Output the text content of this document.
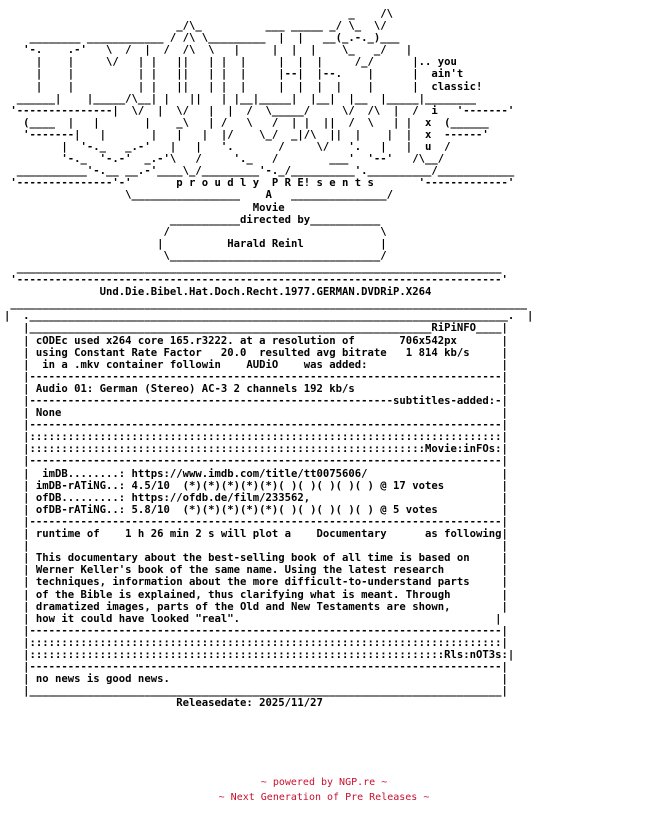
_    /\
_/\_          ___ _____ _/ \_  \/
________ ____________ / /\ \_________  |  |   __(_.-._)___
'-.    .-'   \  /  |  /  /\  \   |     |  |  |    \_   _/   |
|    |     \/   | |   ||   | |  |     |  |  |     /_/      |.. you
|    |          | |   ||   | |  |     |--|  |--.    |      |  ain't
|    |          | |   ||   | |  |     |  |  |  |    |      |  classic!
______|    |_____/\__| |   ||   | |__|_____|  |__|  |__  |_____|________
'---------------|  \/  |  \/   |  |  /  \_____/     \/  /\  |  /  i   '-------'
(____  |   |       |    _\   | /   \   /  | |  ||  /  \   | |  x  (______
'-------|   |       |   |   |  |/    \_/  _|/\  ||  |    |  |  x  ------'
|  '-._   _.-'   |   |   '.       /     \/   '.   |   |  u  /
'-._  '-.-'  _.-'\   /     '._   /        ___'  '--'   /\__/
___________'-.__ __.-'____\_/_________'-._/__________'.__________/____________
'---------------'-'       p r o u d l y  P R E! s e n t s       '-------------'
\_________________    A   _______________/
Movie
___________directed by___________
/                                 \
|          Harald Reinl            |
\_________________________________/
____________________________________________________________________________
'----------------------------------------------------------------------------'
Und.Die.Bibel.Hat.Doch.Recht.1977.GERMAN.DVDRiP.X264
_________________________________________________________________________________
|  .___________________________________________________________________________.  |
|_______________________________________________________________RiPiNFO____|
| cODEc used x264 core 165.r3222. at a resolution of       706x542px       |
| using Constant Rate Factor   20.0  resulted avg bitrate   1 814 kb/s     |
|  in a .mkv container followin    AUDiO    was added:                     |
|--------------------------------------------------------------------------|
| Audio 01: German (Stereo) AC-3 2 channels 192 kb/s                       |
|---------------------------------------------------------subtitles-added:-|
| None                                                                     |
|--------------------------------------------------------------------------|
|::::::::::::::::::::::::::::::::::::::::::::::::::::::::::::::::::::::::::|
|::::::::::::::::::::::::::::::::::::::::::::::::::::::::::::::Movie:inFOs:|
|--------------------------------------------------------------------------|
|  imDB........: https://www.imdb.com/title/tt0075606/                     |
| imDB-rATiNG..: 4.5/10  (*)(*)(*)(*)(*)( )( )( )( )( ) @ 17 votes         |
| ofDB.........: https://ofdb.de/film/233562,                              |
| ofDB-rATiNG..: 5.8/10  (*)(*)(*)(*)(*)( )( )( )( )( ) @ 5 votes          |
|--------------------------------------------------------------------------|
| runtime of    1 h 26 min 2 s will plot a    Documentary      as following|
|                                                                          |
| This documentary about the best-selling book of all time is based on     |
| Werner Keller's book of the same name. Using the latest research         |
| techniques, information about the more difficult-to-understand parts     |
| of the Bible is explained, thus clarifying what is meant. Through        |
| dramatized images, parts of the Old and New Testaments are shown,        |
| how it could have looked "real".                                        |
|--------------------------------------------------------------------------|
|::::::::::::::::::::::::::::::::::::::::::::::::::::::::::::::::::::::::::|
|:::::::::::::::::::::::::::::::::::::::::::::::::::::::::::::::::Rls:nOT3s:|
|--------------------------------------------------------------------------|
| no news is good news.                                                    |
|__________________________________________________________________________|
Releasedate: 2025/11/27

~ powered by NGP.re ~
~ Next Generation of Pre Releases ~
